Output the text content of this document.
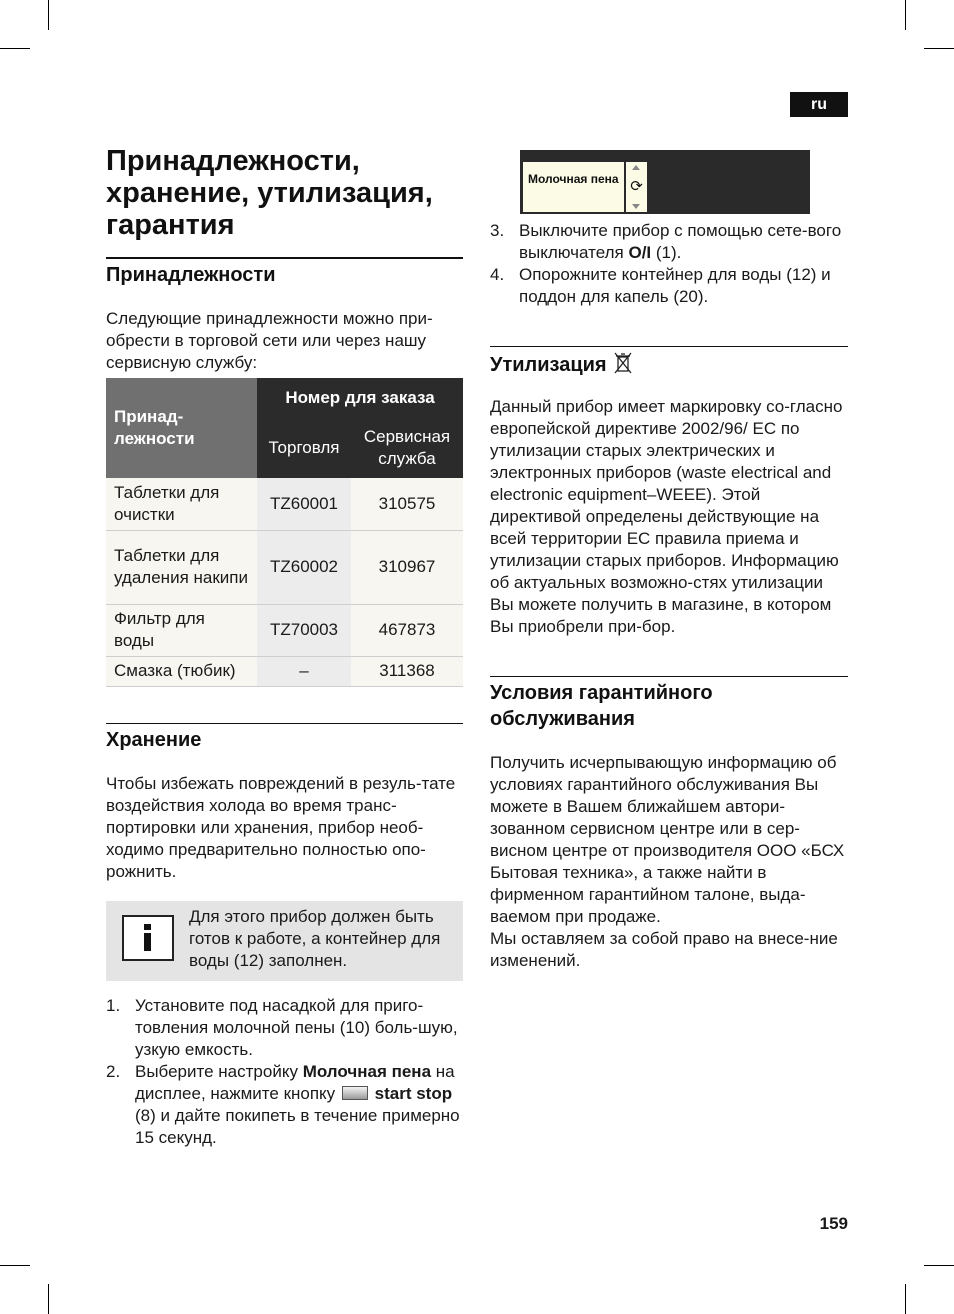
ru
Принадлежности, хранение, утилизация, гарантия
Принадлежности

Следующие принадлежности можно при-обрести в торговой сети или через нашу сервисную службу:

Принад-лежности	Номер для заказа	
	Торговля	Сервисная служба
Таблетки для очистки	TZ60001	310575
Таблетки для удаления накипи	TZ60002	310967
Фильтр для воды	TZ70003	467873
Смазка (тюбик)	–	311368
Хранение

Чтобы избежать повреждений в резуль-тате воздействия холода во время транс-портировки или хранения, прибор необ-ходимо предварительно полностью опо-рожнить.

Для этого прибор должен быть готов к работе, а контейнер для воды (12) заполнен.
1. Установите под насадкой для приго-товления молочной пены (10) боль-шую, узкую емкость.
2. Выберите настройку Молочная пена на дисплее, нажмите кнопку start stop (8) и дайте покипеть в течение примерно 15 секунд.
Молочная пена ⟳
3. Выключите прибор с помощью сете-вого выключателя O/I (1).
4. Опорожните контейнер для воды (12) и поддон для капель (20).
Утилизация

Данный прибор имеет маркировку со-гласно европейской директиве 2002/96/ EC по утилизации старых электрических и электронных приборов (waste electrical and electronic equipment–WEEE). Этой директивой определены действующие на всей территории ЕС правила приема и утилизации старых приборов. Информацию об актуальных возможно-стях утилизации Вы можете получить в магазине, в котором Вы приобрели при-бор.

Условия гарантийного обслуживания

Получить исчерпывающую информацию об условиях гарантийного обслуживания Вы можете в Вашем ближайшем автори-зованном сервисном центре или в сер-висном центре от производителя ООО «БСХ Бытовая техника», а также найти в фирменном гарантийном талоне, выда-ваемом при продаже.

Мы оставляем за собой право на внесе-ние изменений.

159
